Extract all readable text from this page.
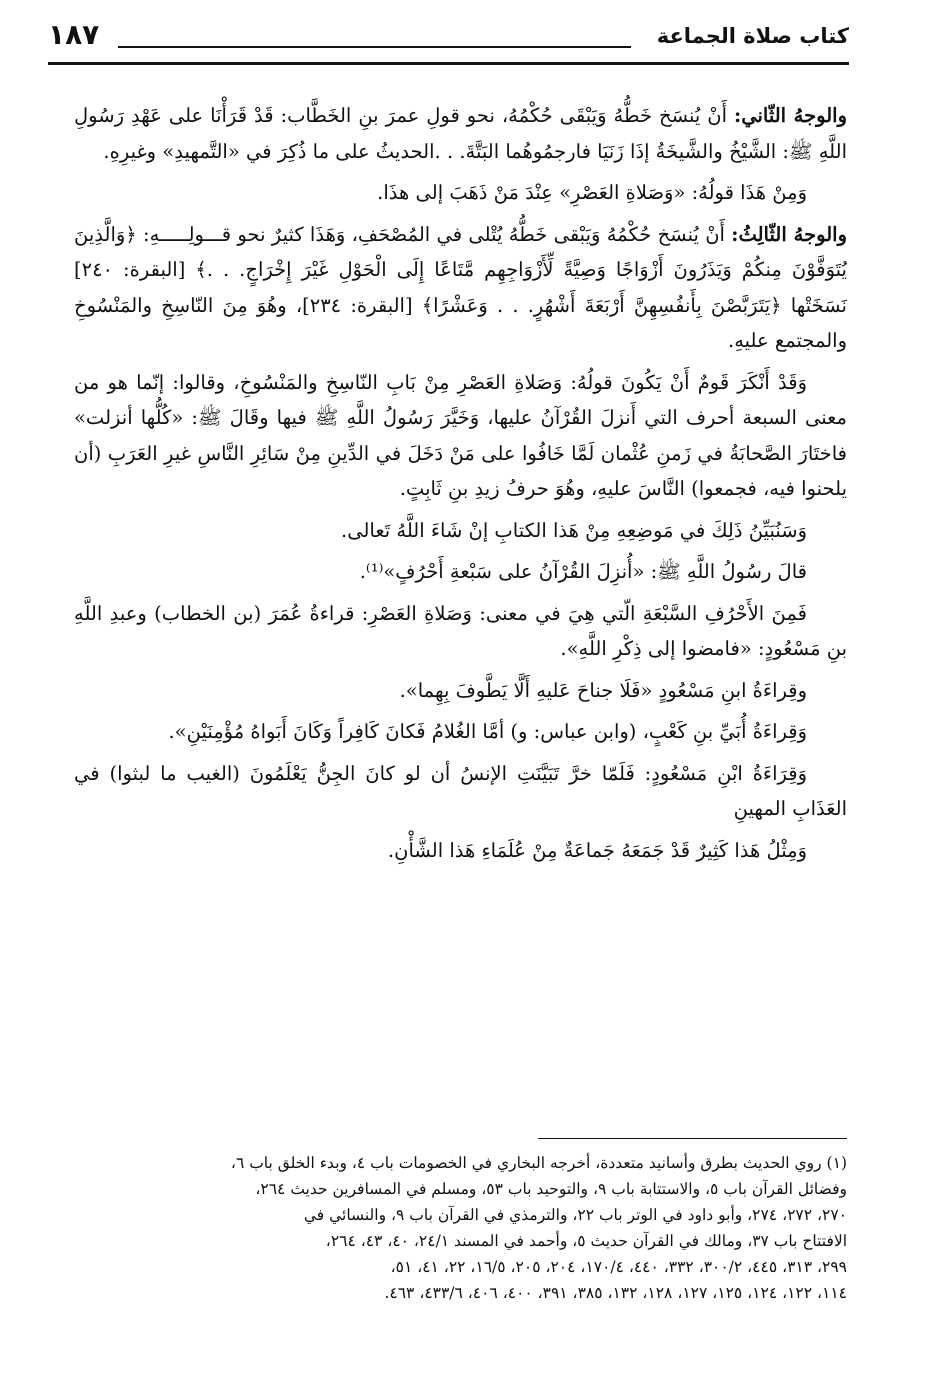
كتاب صلاة الجماعة
١٨٧

والوجهُ الثّاني: أَنْ يُنسَخ خَطُّهُ وَيَبْقَى حُكْمُهُ، نحو قولِ عمرَ بنِ الخَطَّاب: قَدْ قَرَأْنَا على عَهْدِ رَسُولِ اللَّهِ ﷺ: الشَّيْخُ والشَّيخَةُ إذَا زَنَيَا فارجمُوهُما البَتَّةَ. . .الحديثُ على ما ذُكِرَ في «التَّمهيدِ» وغيرِهِ.

وَمِنْ هَذَا قولُهُ: «وَصَلاةِ العَصْرِ» عِنْدَ مَنْ ذَهَبَ إلى هذَا.

والوجهُ الثّالِثُ: أَنْ يُنسَخ حُكْمُهُ وَيَبْقى خَطُّهُ يُتْلى في المُصْحَفِ، وَهَذَا كثيرٌ نحو قـــولِـــــهِ: ﴿وَالَّذِينَ يُتَوَفَّوْنَ مِنكُمْ وَيَذَرُونَ أَزْوَاجًا وَصِيَّةً لِّأَزْوَاجِهِم مَّتَاعًا إِلَى الْحَوْلِ غَيْرَ إِخْرَاجٍ. . .﴾ [البقرة: ٢٤٠] نَسَخَتْها ﴿يَتَرَبَّصْنَ بِأَنفُسِهِنَّ أَرْبَعَةَ أَشْهُرٍ. . . وَعَشْرًا﴾ [البقرة: ٢٣٤]، وهُوَ مِنَ النّاسِخِ والمَنْسُوخِ والمجتمع عليهِ.

وَقَدْ أَنْكَرَ قَومٌ أَنْ يَكُونَ قولُهُ: وَصَلاةِ العَصْرِ مِنْ بَابِ النّاسِخِ والمَنْسُوخِ، وقالوا: إنّما هو من معنى السبعة أحرف التي أَنزلَ القُرْآنُ عليها، وَخَيَّرَ رَسُولُ اللَّهِ ﷺ فيها وقَالَ ﷺ: «كُلُّها أنزلت» فاختَارَ الصَّحابَةُ في زَمنِ عُثْمان لَمَّا خَافُوا على مَنْ دَخَلَ في الدِّينِ مِنْ سَائِرِ النَّاسِ غيرِ العَرَبِ (أن يلحنوا فيه، فجمعوا) النَّاسَ عليهِ، وهُوَ حرفُ زيدِ بنِ ثَابِتٍ.

وَسَنُبَيِّنُ ذَلِكَ في مَوضِعِهِ مِنْ هَذا الكتابِ إنْ شَاءَ اللَّهُ تَعالى.

قالَ رسُولُ اللَّهِ ﷺ: «أُنزِلَ القُرْآنُ على سَبْعةِ أَحْرُفٍ»⁽¹⁾.

فَمِنَ الأَحْرُفِ السَّبْعَةِ الّتي هِيَ في معنى: وَصَلاةِ العَصْرِ: قراءةُ عُمَرَ (بن الخطاب) وعبدِ اللَّهِ بنِ مَسْعُودٍ: «فامضوا إلى ذِكْرِ اللَّهِ».

وقِراءَةُ ابنِ مَسْعُودٍ «فَلَا جناحَ عَليهِ أَلَّا يَطَّوفَ بِهِما».

وَقِراءَةُ أُبَيِّ بنِ كَعْبٍ، (وابن عباس: و) أمَّا الغُلامُ فَكانَ كَافِراً وَكَانَ أَبَواهُ مُؤْمِنَيْنِ».

وَقِرَاءَةُ ابْنِ مَسْعُودٍ: فَلَمّا خرَّ تَبَيَّنَتِ الإنسُ أن لو كانَ الجِنُّ يَعْلَمُونَ (الغيب ما لبثوا) في العَذَابِ المهينِ

وَمِثْلُ هَذا كَثِيرٌ قَدْ جَمَعَهُ جَماعَةٌ مِنْ عُلَمَاءِ هَذا الشَّأْنِ.

(١) روي الحديث بطرق وأسانيد متعددة، أخرجه البخاري في الخصومات باب ٤، وبدء الخلق باب ٦،
وفضائل القرآن باب ٥، والاستتابة باب ٩، والتوحيد باب ٥٣، ومسلم في المسافرين حديث ٢٦٤،
٢٧٠، ٢٧٢، ٢٧٤، وأبو داود في الوتر باب ٢٢، والترمذي في القرآن باب ٩، والنسائي في
الافتتاح باب ٣٧، ومالك في القرآن حديث ٥، وأحمد في المسند ٢٤/١، ٤٠، ٤٣، ٢٦٤،
٢٩٩، ٣١٣، ٤٤٥، ٣٠٠/٢، ٣٣٢، ٤٤٠، ١٧٠/٤، ٢٠٤، ٢٠٥، ١٦/٥، ٢٢، ٤١، ٥١،
١١٤، ١٢٢، ١٢٤، ١٢٥، ١٢٧، ١٢٨، ١٣٢، ٣٨٥، ٣٩١، ٤٠٠، ٤٠٦، ٤٣٣/٦، ٤٦٣.
